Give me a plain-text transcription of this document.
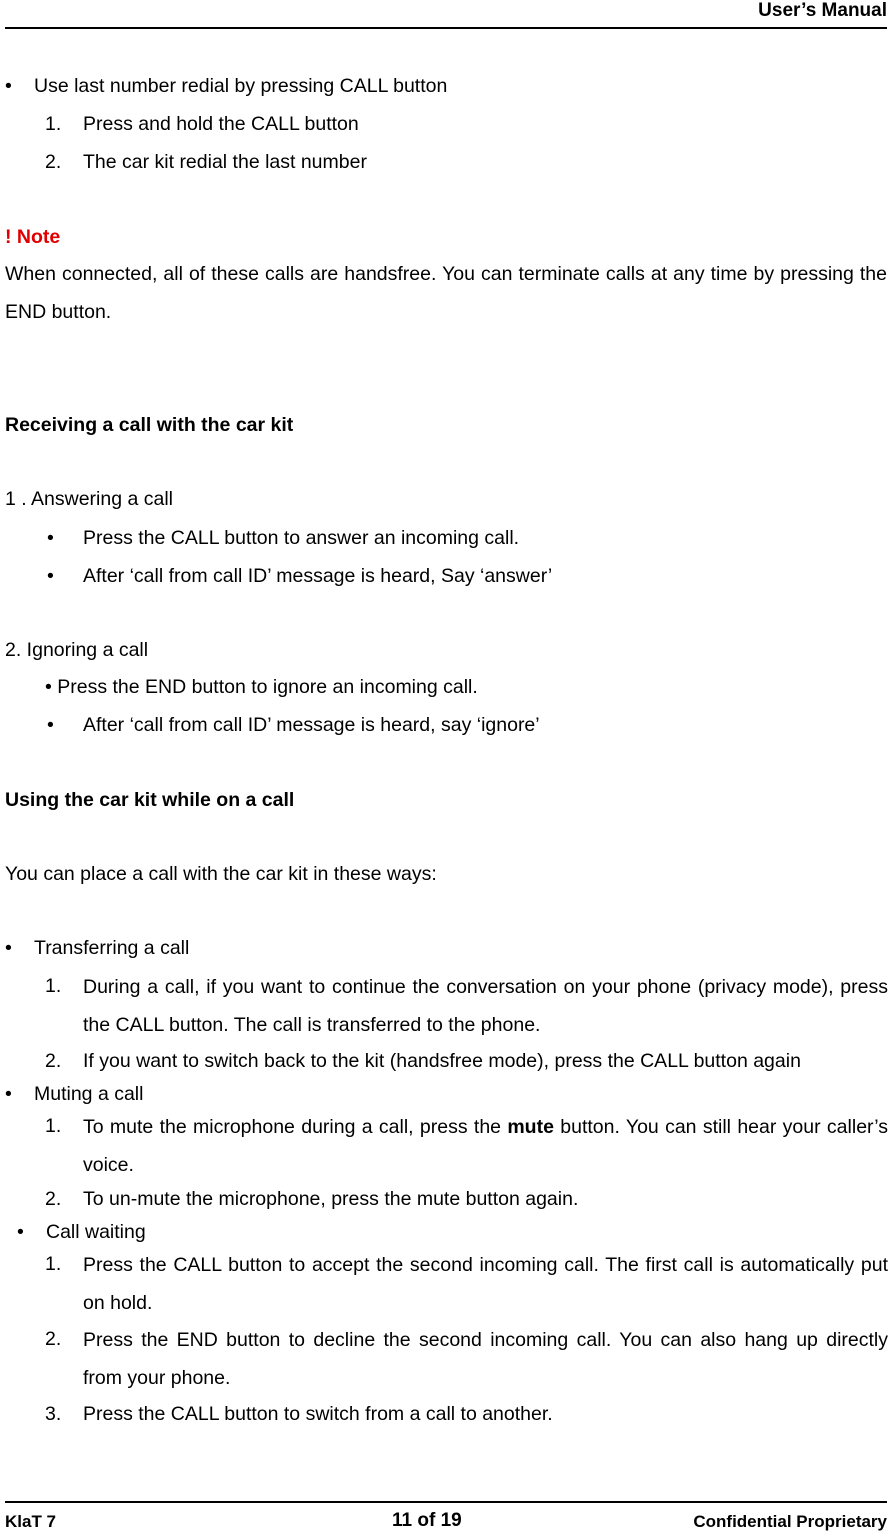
User’s Manual
• Use last number redial by pressing CALL button
1. Press and hold the CALL button
2. The car kit redial the last number
! Note
When connected, all of these calls are handsfree. You can terminate calls at any time by pressing the END button.
Receiving a call with the car kit
1 . Answering a call
• Press the CALL button to answer an incoming call.
• After ‘call from call ID’ message is heard, Say ‘answer’
2. Ignoring a call
• Press the END button to ignore an incoming call.
• After ‘call from call ID’ message is heard, say ‘ignore’
Using the car kit while on a call
You can place a call with the car kit in these ways:
• Transferring a call
1. During a call, if you want to continue the conversation on your phone (privacy mode), press the CALL button. The call is transferred to the phone.
2. If you want to switch back to the kit (handsfree mode), press the CALL button again
• Muting a call
1. To mute the microphone during a call, press the mute button. You can still hear your caller’s voice.
2. To un-mute the microphone, press the mute button again.
• Call waiting
1. Press the CALL button to accept the second incoming call. The first call is automatically put on hold.
2. Press the END button to decline the second incoming call. You can also hang up directly from your phone.
3. Press the CALL button to switch from a call to another.
KlaT 7	11 of 19	Confidential Proprietary
